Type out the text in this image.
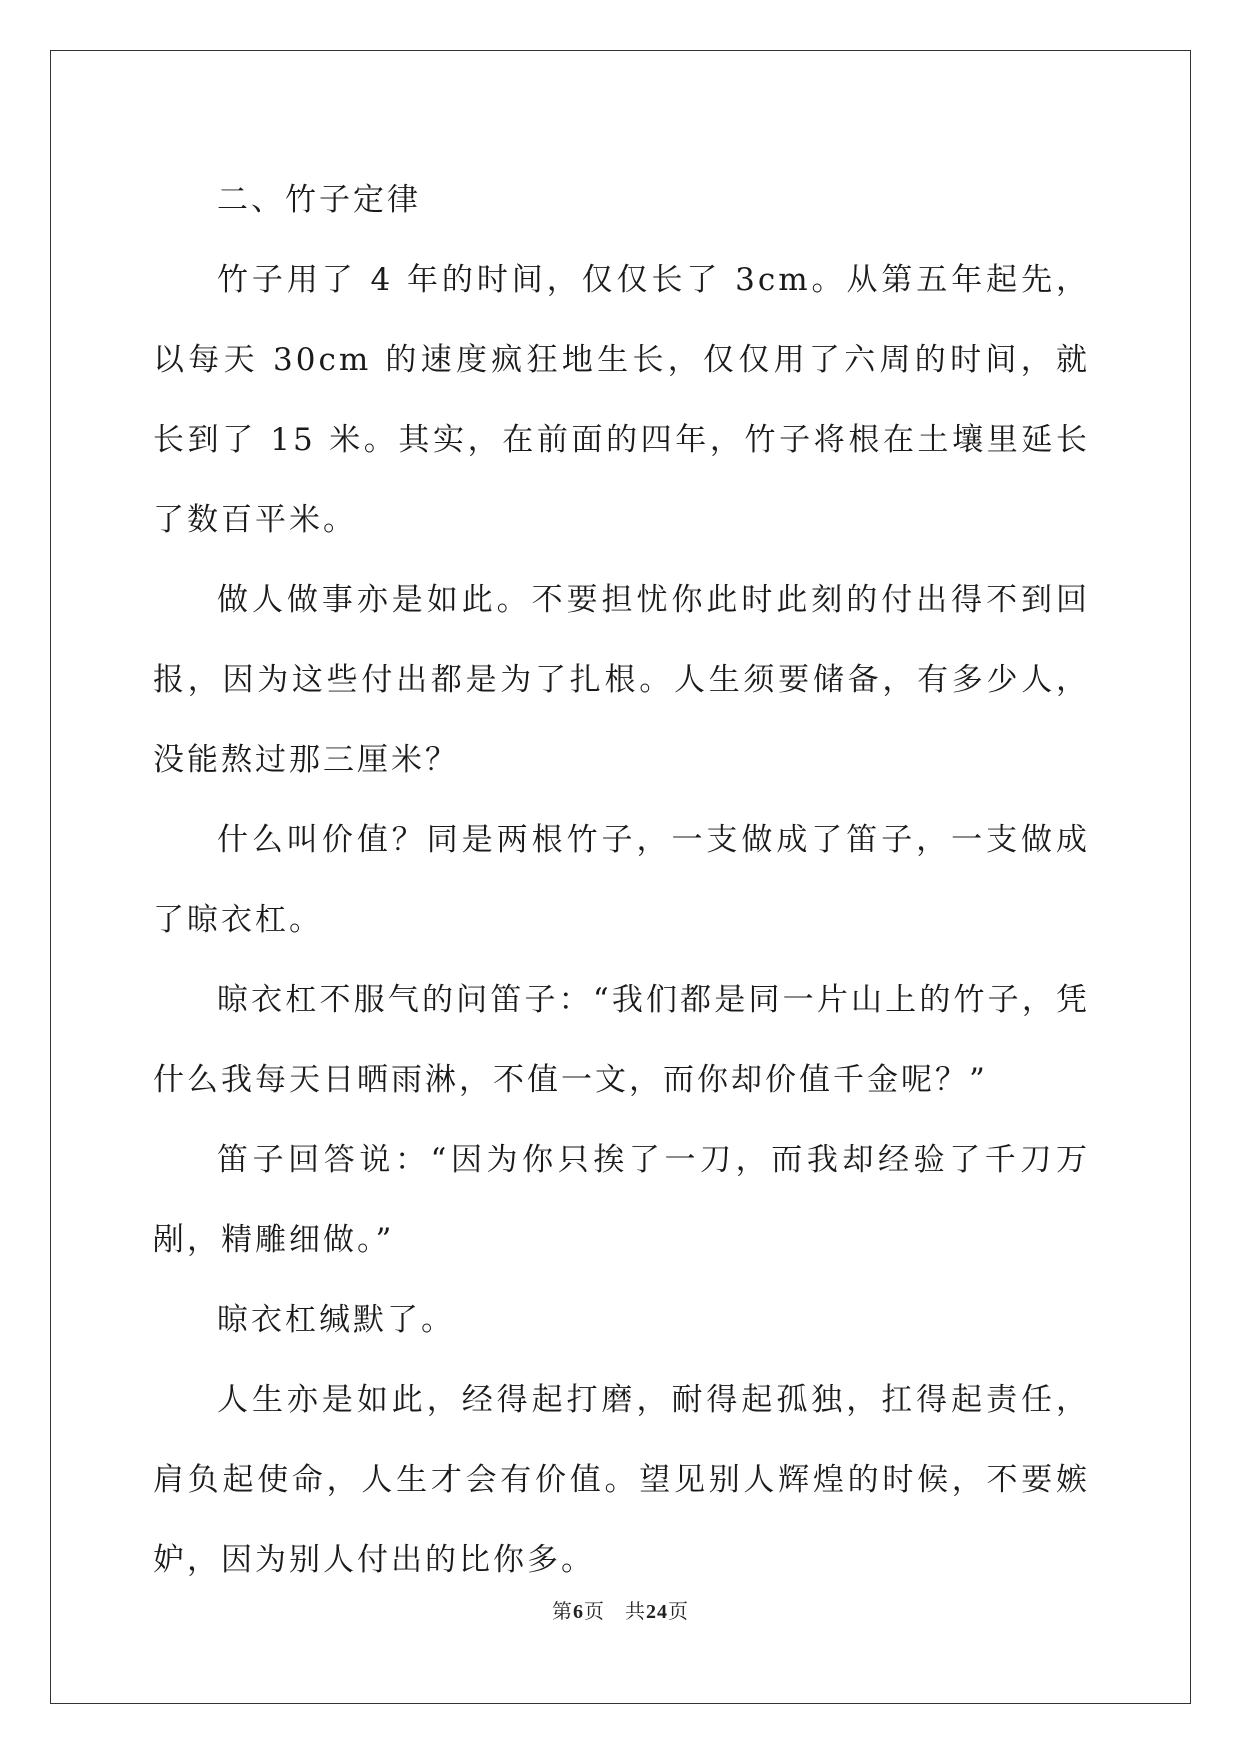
二、竹子定律

竹子用了 4 年的时间，仅仅长了 3cm。从第五年起先，以每天 30cm 的速度疯狂地生长，仅仅用了六周的时间，就长到了 15 米。其实，在前面的四年，竹子将根在土壤里延长了数百平米。

做人做事亦是如此。不要担忧你此时此刻的付出得不到回报，因为这些付出都是为了扎根。人生须要储备，有多少人，没能熬过那三厘米？

什么叫价值？同是两根竹子，一支做成了笛子，一支做成了晾衣杠。

晾衣杠不服气的问笛子：“我们都是同一片山上的竹子，凭什么我每天日晒雨淋，不值一文，而你却价值千金呢？”

笛子回答说：“因为你只挨了一刀，而我却经验了千刀万剐，精雕细做。”

晾衣杠缄默了。

人生亦是如此，经得起打磨，耐得起孤独，扛得起责任，肩负起使命，人生才会有价值。望见别人辉煌的时候，不要嫉妒，因为别人付出的比你多。

第6页 共24页
